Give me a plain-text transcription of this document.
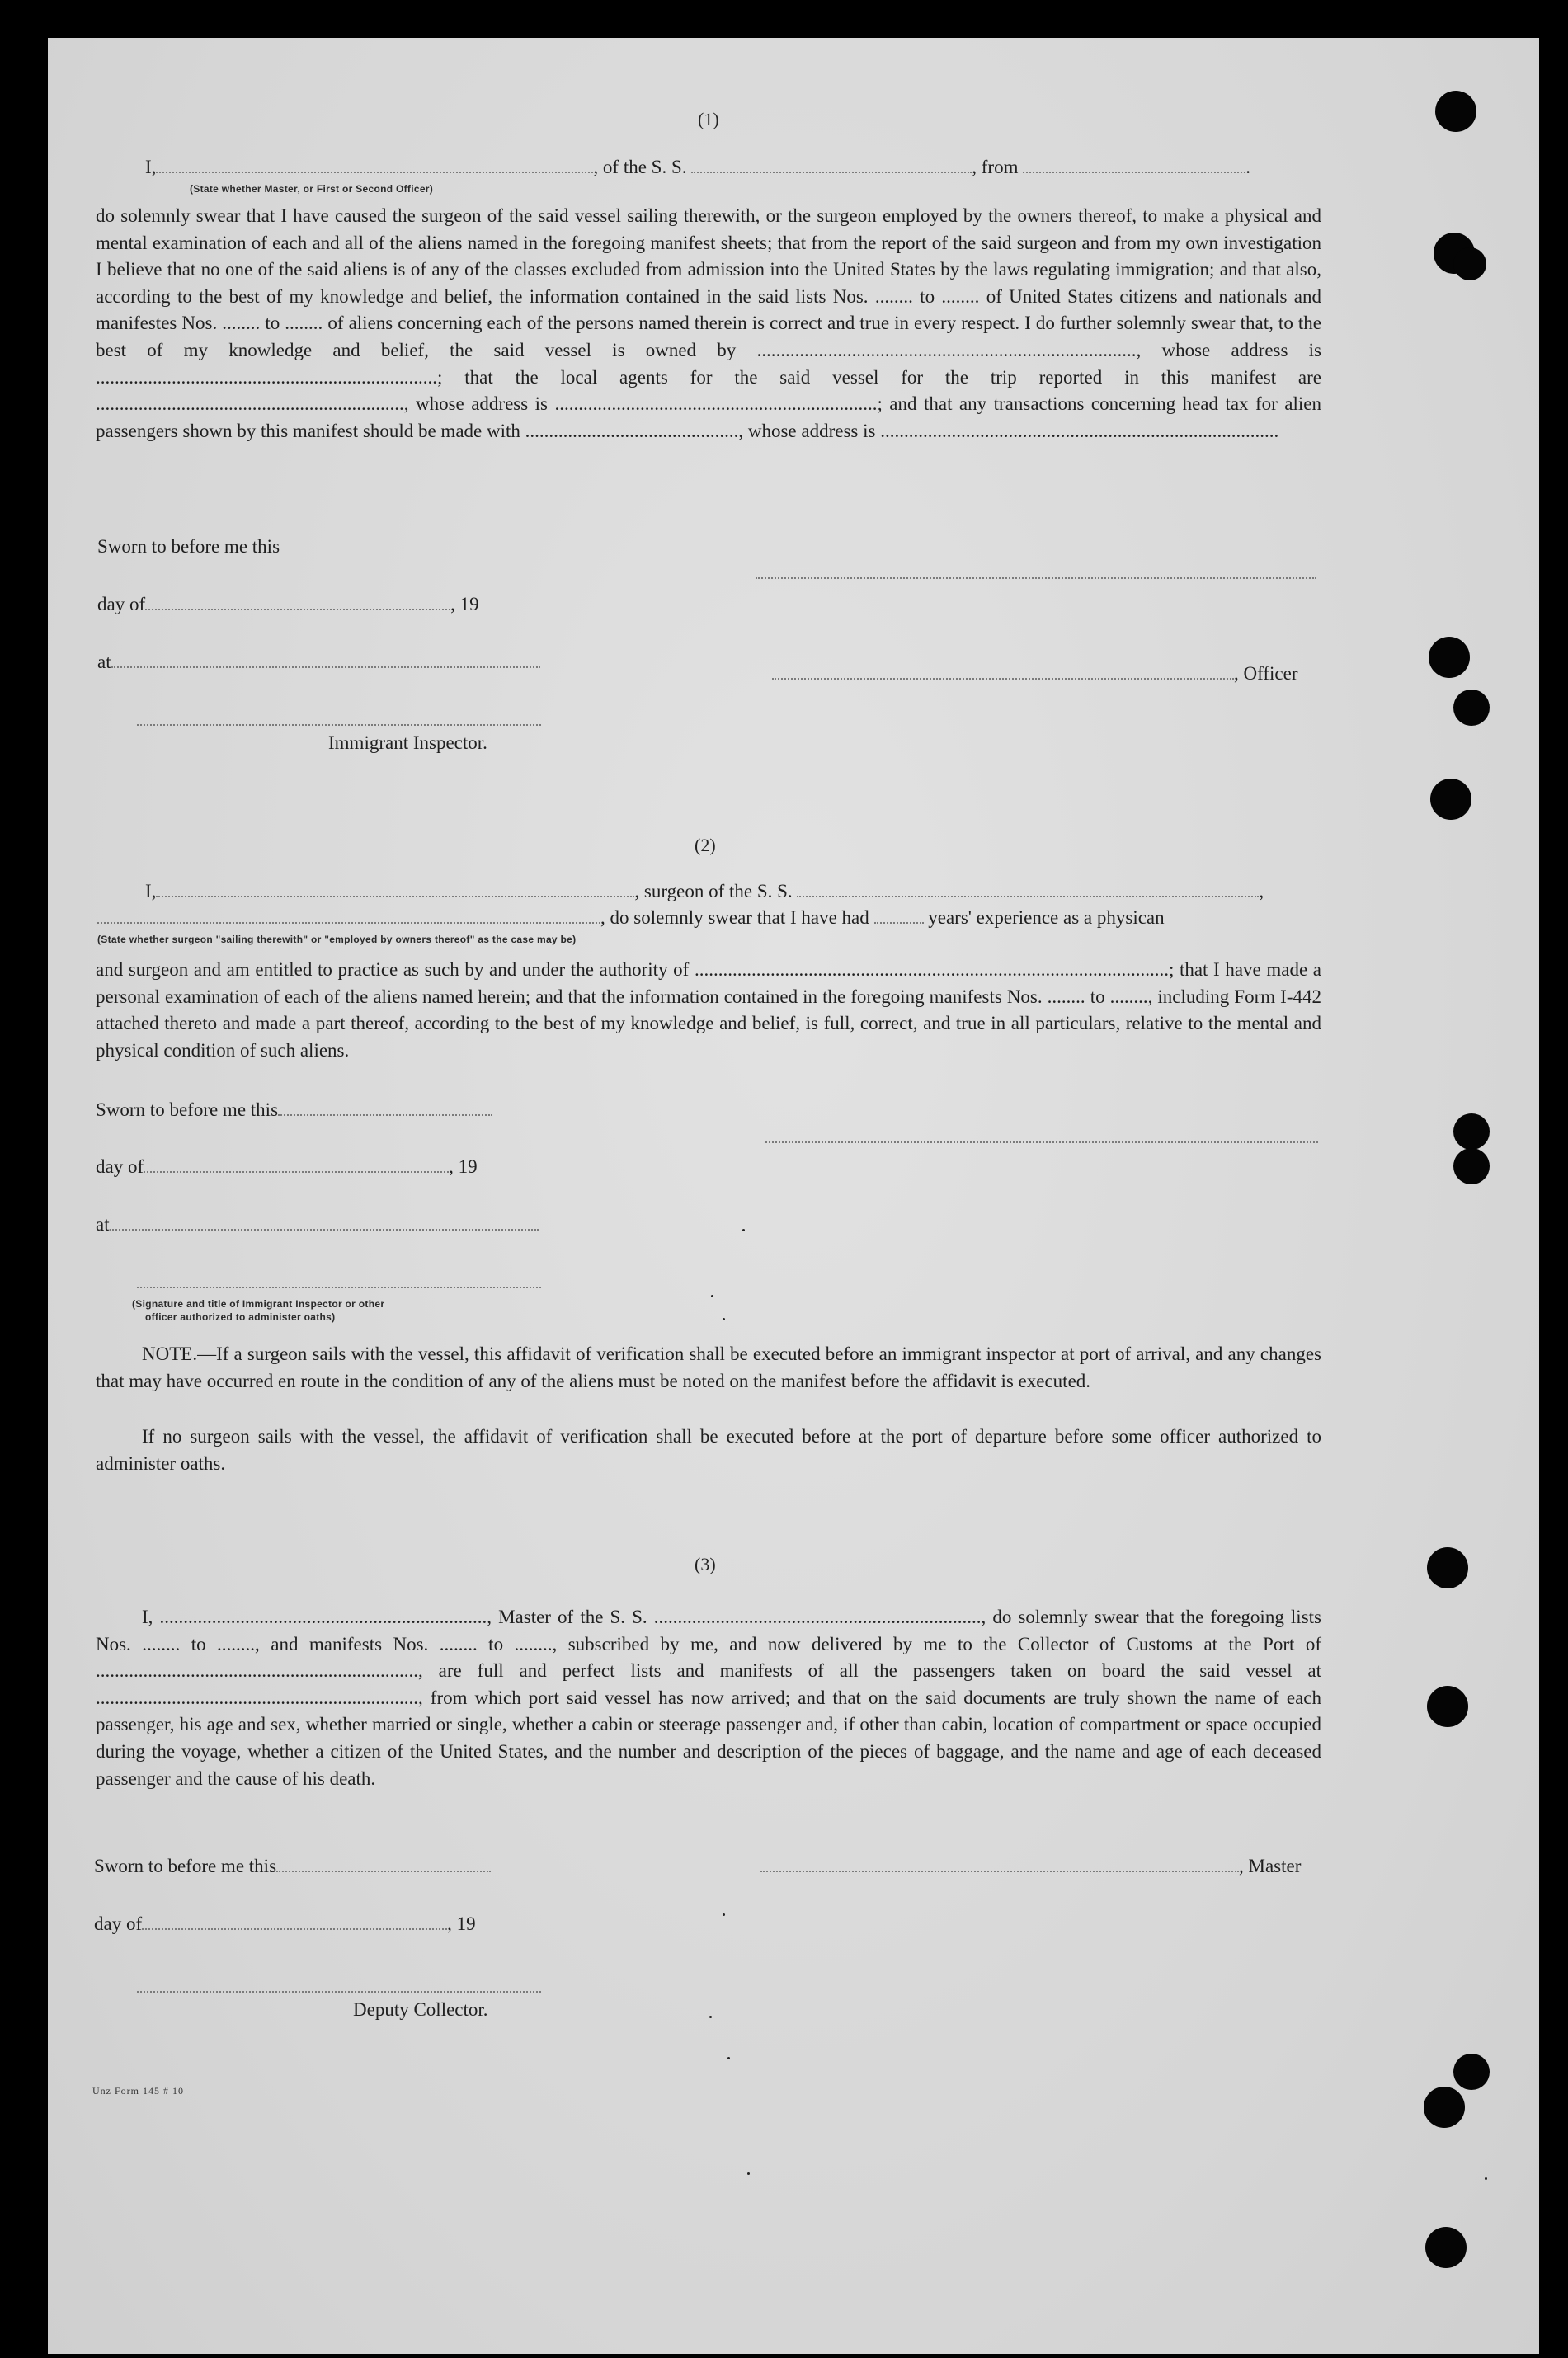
(1)
I,	, of the S. S.	, from	.
(State whether Master, or First or Second Officer)
do solemnly swear that I have caused the surgeon of the said vessel sailing therewith, or the surgeon employed by the owners thereof, to make a physical and mental examination of each and all of the aliens named in the foregoing manifest sheets; that from the report of the said surgeon and from my own investigation I believe that no one of the said aliens is of any of the classes excluded from admission into the United States by the laws regulating immigration; and that also, according to the best of my knowledge and belief, the information contained in the said lists Nos. ........ to ........ of United States citizens and nationals and manifestes Nos. ........ to ........ of aliens concerning each of the persons named therein is correct and true in every respect. I do further solemnly swear that, to the best of my knowledge and belief, the said vessel is owned by ................................................................................, whose address is ........................................................................; that the local agents for the said vessel for the trip reported in this manifest are ................................................................., whose address is ....................................................................; and that any transactions concerning head tax for alien passengers shown by this manifest should be made with ............................................., whose address is ....................................................................................
Sworn to before me this
day of	, 19
at
, Officer
Immigrant Inspector.
(2)
I,	, surgeon of the S. S.	,
, do solemnly swear that I have had	years' experience as a physican
(State whether surgeon "sailing therewith" or "employed by owners thereof" as the case may be)
and surgeon and am entitled to practice as such by and under the authority of ....................................................................................................; that I have made a personal examination of each of the aliens named herein; and that the information contained in the foregoing manifests Nos. ........ to ........, including Form I-442 attached thereto and made a part thereof, according to the best of my knowledge and belief, is full, correct, and true in all particulars, relative to the mental and physical condition of such aliens.
Sworn to before me this
day of	, 19
at
(Signature and title of Immigrant Inspector or other
officer authorized to administer oaths)
NOTE.—If a surgeon sails with the vessel, this affidavit of verification shall be executed before an immigrant inspector at port of arrival, and any changes that may have occurred en route in the condition of any of the aliens must be noted on the manifest before the affidavit is executed.
If no surgeon sails with the vessel, the affidavit of verification shall be executed before at the port of departure before some officer authorized to administer oaths.
(3)
I, ....................................................................., Master of the S. S. ....................................................................., do solemnly swear that the foregoing lists Nos. ........ to ........, and manifests Nos. ........ to ........, subscribed by me, and now delivered by me to the Collector of Customs at the Port of ...................................................................., are full and perfect lists and manifests of all the passengers taken on board the said vessel at ...................................................................., from which port said vessel has now arrived; and that on the said documents are truly shown the name of each passenger, his age and sex, whether married or single, whether a cabin or steerage passenger and, if other than cabin, location of compartment or space occupied during the voyage, whether a citizen of the United States, and the number and description of the pieces of baggage, and the name and age of each deceased passenger and the cause of his death.
Sworn to before me this	, Master
day of	, 19
Deputy Collector.
Unz Form 145 # 10
